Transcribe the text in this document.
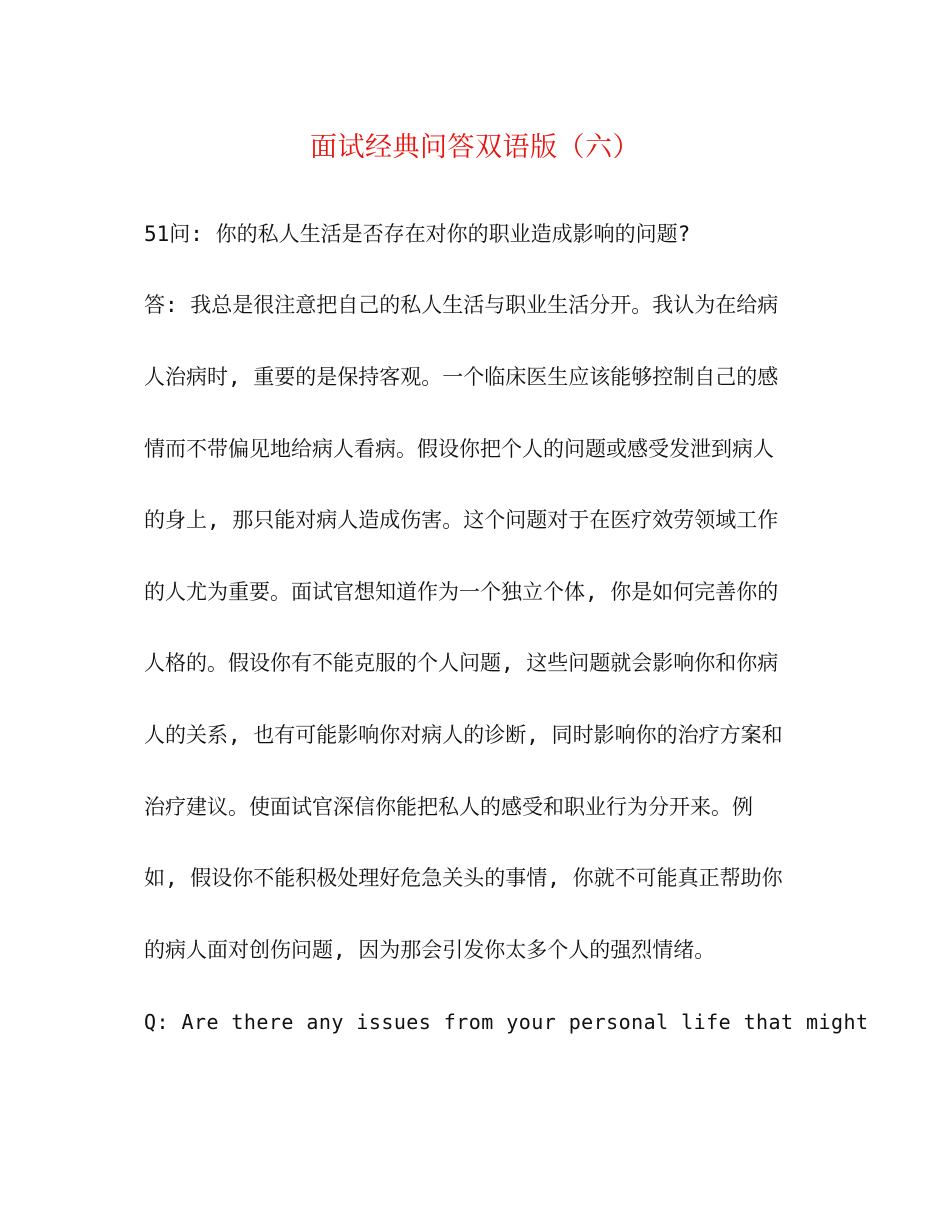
面试经典问答双语版（六）
51问: 你的私人生活是否存在对你的职业造成影响的问题?
答: 我总是很注意把自己的私人生活与职业生活分开。我认为在给病
人治病时, 重要的是保持客观。一个临床医生应该能够控制自己的感
情而不带偏见地给病人看病。假设你把个人的问题或感受发泄到病人
的身上, 那只能对病人造成伤害。这个问题对于在医疗效劳领域工作
的人尤为重要。面试官想知道作为一个独立个体, 你是如何完善你的
人格的。假设你有不能克服的个人问题, 这些问题就会影响你和你病
人的关系, 也有可能影响你对病人的诊断, 同时影响你的治疗方案和
治疗建议。使面试官深信你能把私人的感受和职业行为分开来。例
如, 假设你不能积极处理好危急关头的事情, 你就不可能真正帮助你
的病人面对创伤问题, 因为那会引发你太多个人的强烈情绪。
Q: Are there any issues from your personal life that might
